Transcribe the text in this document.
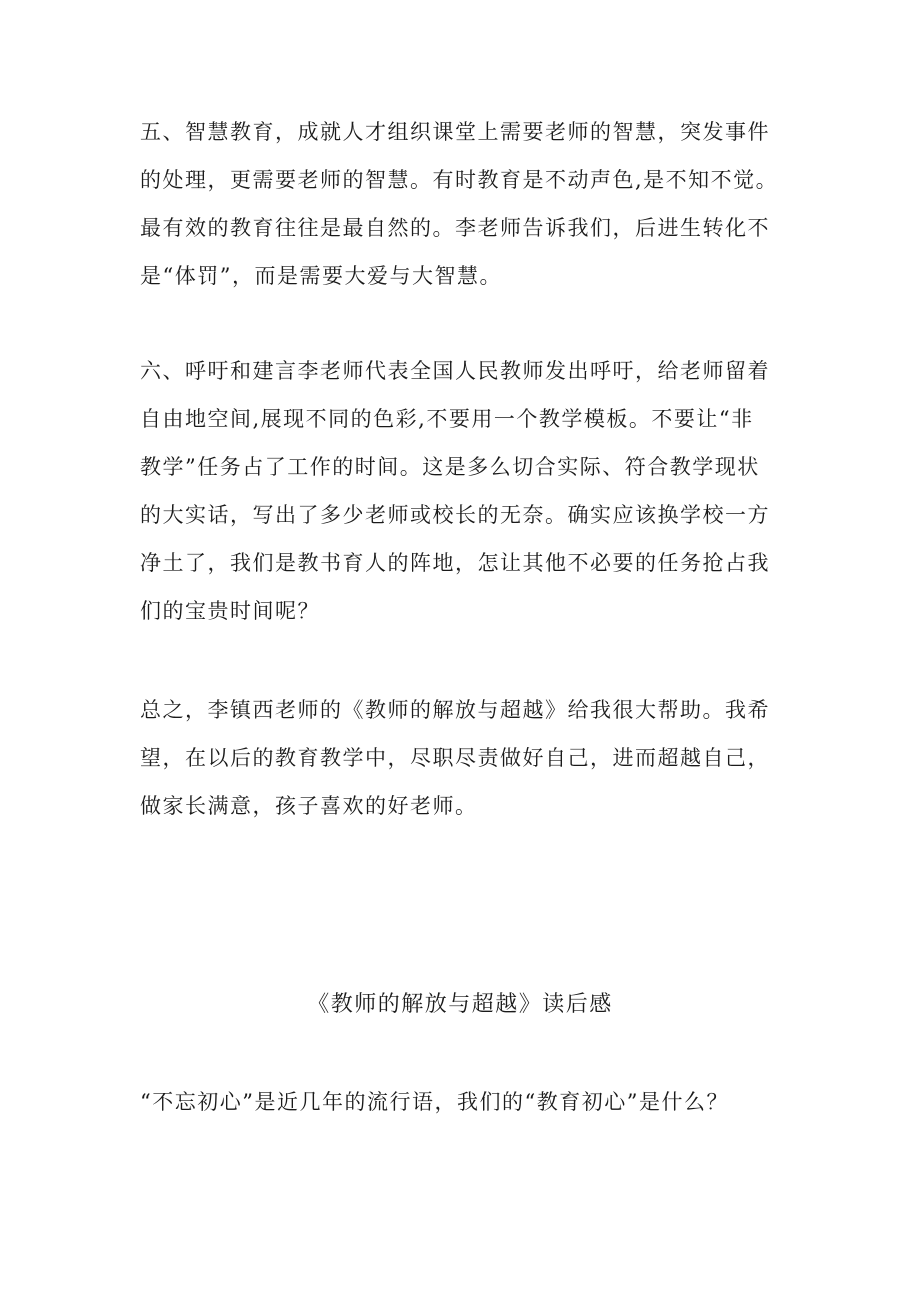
五、智慧教育，成就人才组织课堂上需要老师的智慧，突发事件
的处理，更需要老师的智慧。有时教育是不动声色,是不知不觉。
最有效的教育往往是最自然的。李老师告诉我们，后进生转化不
是“体罚”，而是需要大爱与大智慧。
六、呼吁和建言李老师代表全国人民教师发出呼吁，给老师留着
自由地空间,展现不同的色彩,不要用一个教学模板。不要让“非
教学”任务占了工作的时间。这是多么切合实际、符合教学现状
的大实话，写出了多少老师或校长的无奈。确实应该换学校一方
净土了，我们是教书育人的阵地，怎让其他不必要的任务抢占我
们的宝贵时间呢？
总之，李镇西老师的《教师的解放与超越》给我很大帮助。我希
望，在以后的教育教学中，尽职尽责做好自己，进而超越自己，
做家长满意，孩子喜欢的好老师。
《教师的解放与超越》读后感
“不忘初心”是近几年的流行语，我们的“教育初心”是什么？
